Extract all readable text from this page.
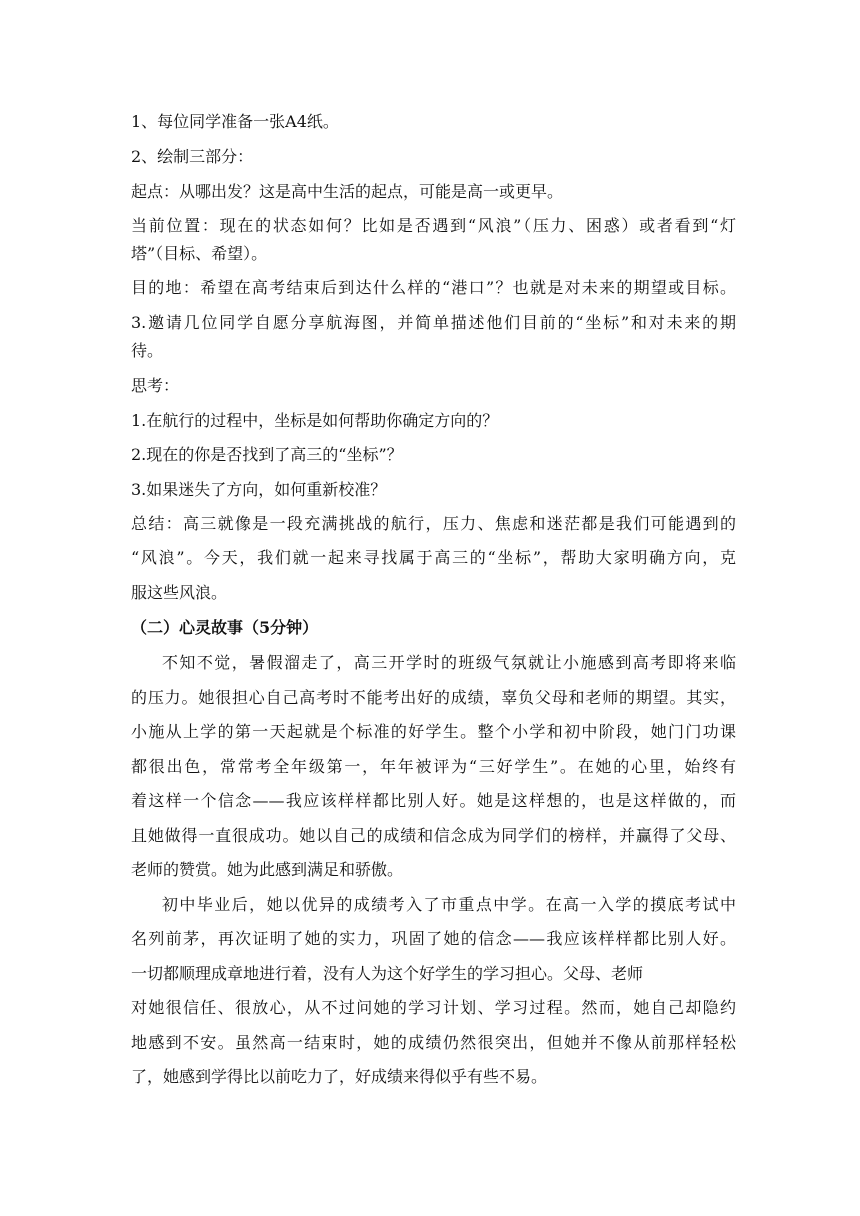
1、每位同学准备一张A4纸。

2、绘制三部分：

起点：从哪出发？这是高中生活的起点，可能是高一或更早。

当前位置：现在的状态如何？比如是否遇到“风浪”（压力、困惑）或者看到“灯

塔”（目标、希望）。

目的地：希望在高考结束后到达什么样的“港口”？也就是对未来的期望或目标。

3.邀请几位同学自愿分享航海图，并简单描述他们目前的“坐标”和对未来的期

待。

思考：

1.在航行的过程中，坐标是如何帮助你确定方向的？

2.现在的你是否找到了高三的“坐标”？

3.如果迷失了方向，如何重新校准？

总结：高三就像是一段充满挑战的航行，压力、焦虑和迷茫都是我们可能遇到的

“风浪”。今天，我们就一起来寻找属于高三的“坐标”，帮助大家明确方向，克

服这些风浪。

（二）心灵故事（5分钟）

不知不觉，暑假溜走了，高三开学时的班级气氛就让小施感到高考即将来临

的压力。她很担心自己高考时不能考出好的成绩，辜负父母和老师的期望。其实，

小施从上学的第一天起就是个标准的好学生。整个小学和初中阶段，她门门功课

都很出色，常常考全年级第一，年年被评为“三好学生”。在她的心里，始终有

着这样一个信念——我应该样样都比别人好。她是这样想的，也是这样做的，而

且她做得一直很成功。她以自己的成绩和信念成为同学们的榜样，并赢得了父母、

老师的赞赏。她为此感到满足和骄傲。

初中毕业后，她以优异的成绩考入了市重点中学。在高一入学的摸底考试中

名列前茅，再次证明了她的实力，巩固了她的信念——我应该样样都比别人好。

一切都顺理成章地进行着，没有人为这个好学生的学习担心。父母、老师

对她很信任、很放心，从不过问她的学习计划、学习过程。然而，她自己却隐约

地感到不安。虽然高一结束时，她的成绩仍然很突出，但她并不像从前那样轻松

了，她感到学得比以前吃力了，好成绩来得似乎有些不易。
